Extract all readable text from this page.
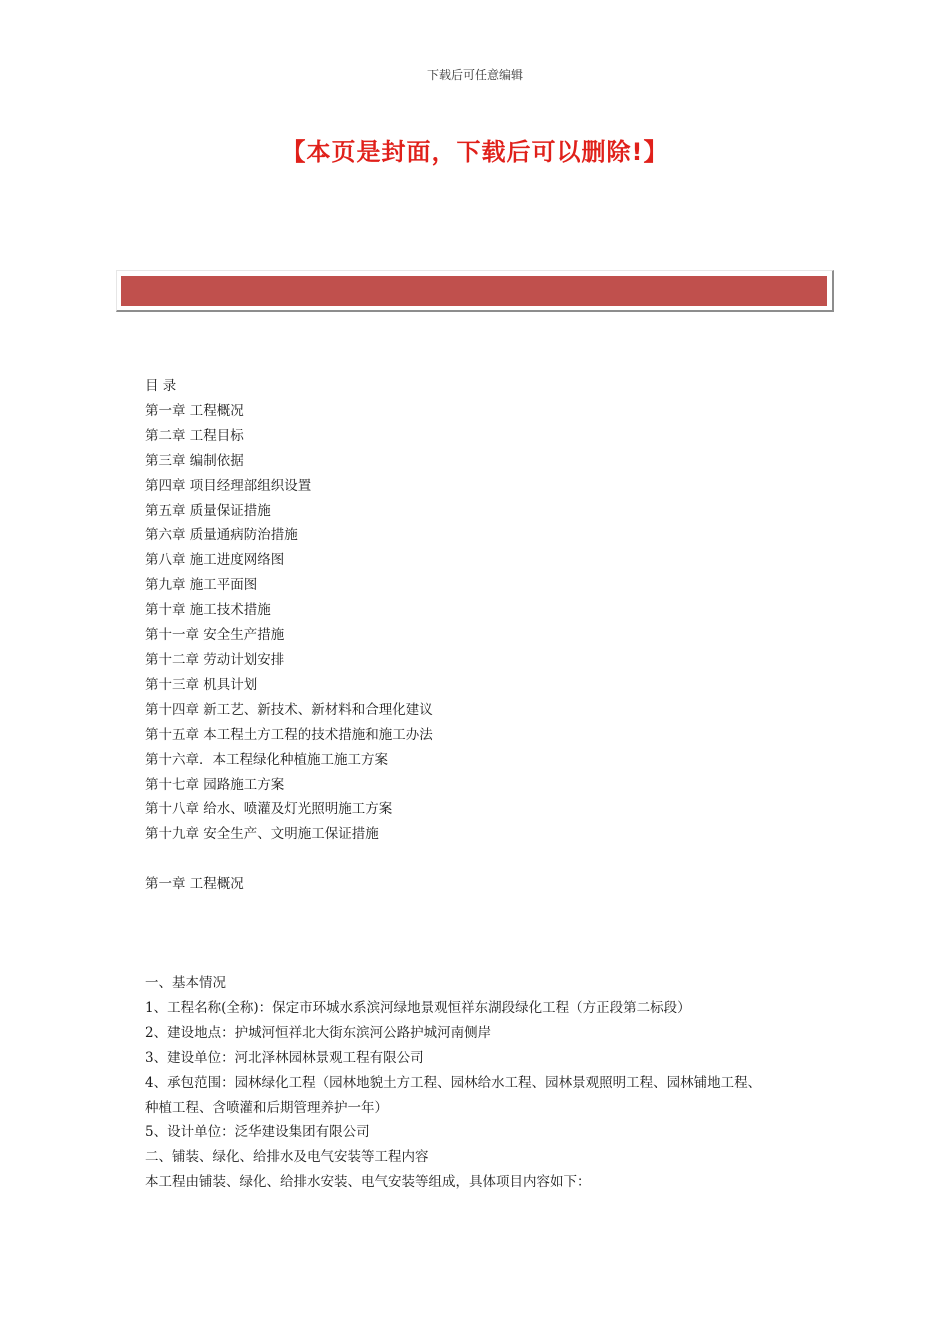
下载后可任意编辑
【本页是封面，下载后可以删除!】
目 录
第一章 工程概况
第二章 工程目标
第三章 编制依据
第四章 项目经理部组织设置
第五章 质量保证措施
第六章 质量通病防治措施
第八章 施工进度网络图
第九章 施工平面图
第十章 施工技术措施
第十一章 安全生产措施
第十二章 劳动计划安排
第十三章 机具计划
第十四章 新工艺、新技术、新材料和合理化建议
第十五章 本工程土方工程的技术措施和施工办法
第十六章．本工程绿化种植施工施工方案
第十七章 园路施工方案
第十八章 给水、喷灌及灯光照明施工方案
第十九章 安全生产、文明施工保证措施
第一章 工程概况
一、基本情况
1、工程名称(全称)：保定市环城水系滨河绿地景观恒祥东湖段绿化工程（方正段第二标段）
2、建设地点：护城河恒祥北大街东滨河公路护城河南侧岸
3、建设单位：河北泽林园林景观工程有限公司
4、承包范围：园林绿化工程（园林地貌土方工程、园林给水工程、园林景观照明工程、园林铺地工程、
种植工程、含喷灌和后期管理养护一年）
5、设计单位：泛华建设集团有限公司
二、铺装、绿化、给排水及电气安装等工程内容
本工程由铺装、绿化、给排水安装、电气安装等组成，具体项目内容如下：
